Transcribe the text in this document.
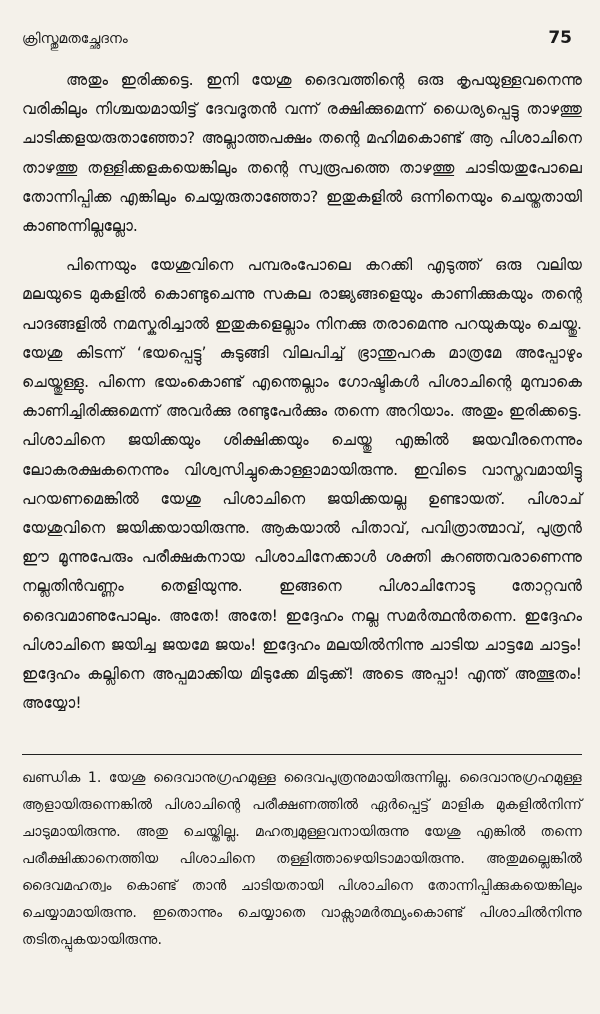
ക്രിസ്തുമതച്ഛേദനം	75

അതും ഇരിക്കട്ടെ. ഇനി യേശു ദൈവത്തിന്റെ ഒരു കൃപയുള്ളവനെന്നു വരികിലും നിശ്ചയമായിട്ട് ദേവദൂതൻ വന്ന് രക്ഷിക്കുമെന്ന് ധൈര്യപ്പെട്ടു താഴത്തു ചാടിക്കളയരുതാഞ്ഞോ? അല്ലാത്തപക്ഷം തന്റെ മഹിമകൊണ്ട് ആ പിശാചിനെ താഴത്തു തള്ളിക്കളകയെങ്കിലും തന്റെ സ്വരൂപത്തെ താഴത്തു ചാടിയതുപോലെ തോന്നിപ്പിക്ക എങ്കിലും ചെയ്യരുതാഞ്ഞോ? ഇതുകളിൽ ഒന്നിനെയും ചെയ്തതായി കാണുന്നില്ലല്ലോ.

പിന്നെയും യേശുവിനെ പമ്പരംപോലെ കറക്കി എടുത്ത് ഒരു വലിയ മലയുടെ മുകളിൽ കൊണ്ടുചെന്നു സകല രാജ്യങ്ങളെയും കാണിക്കുകയും തന്റെ പാദങ്ങളിൽ നമസ്കരിച്ചാൽ ഇതുകളെല്ലാം നിനക്കു തരാമെന്നു പറയുകയും ചെയ്തു. യേശു കിടന്ന് ‘ഭയപ്പെട്ടു’ കുടുങ്ങി വിലപിച്ച് ഭ്രാന്തുപറക മാത്രമേ അപ്പോഴും ചെയ്തുള്ളു. പിന്നെ ഭയംകൊണ്ട് എന്തെല്ലാം ഗോഷ്ടികൾ പിശാചിന്റെ മുമ്പാകെ കാണിച്ചിരിക്കുമെന്ന് അവർക്കു രണ്ടുപേർക്കും തന്നെ അറിയാം. അതും ഇരിക്കട്ടെ. പിശാചിനെ ജയിക്കയും ശിക്ഷിക്കയും ചെയ്തു എങ്കിൽ ജയവീരനെന്നും ലോകരക്ഷകനെന്നും വിശ്വസിച്ചുകൊള്ളാമായിരുന്നു. ഇവിടെ വാസ്തവമായിട്ടു പറയണമെങ്കിൽ യേശു പിശാചിനെ ജയിക്കയല്ല ഉണ്ടായത്. പിശാച് യേശുവിനെ ജയിക്കയായിരുന്നു. ആകയാൽ പിതാവ്, പവിത്രാത്മാവ്, പുത്രൻ ഈ മൂന്നുപേരും പരീക്ഷകനായ പിശാചിനേക്കാൾ ശക്തി കുറഞ്ഞവരാണെന്നു നല്ലതിൻവണ്ണം തെളിയുന്നു. ഇങ്ങനെ പിശാചിനോടു തോറ്റവൻ ദൈവമാണുപോലും. അതേ! അതേ! ഇദ്ദേഹം നല്ല സമർത്ഥൻതന്നെ. ഇദ്ദേഹം പിശാചിനെ ജയിച്ച ജയമേ ജയം! ഇദ്ദേഹം മലയിൽനിന്നു ചാടിയ ചാട്ടമേ ചാട്ടം! ഇദ്ദേഹം കല്ലിനെ അപ്പമാക്കിയ മിടുക്കേ മിടുക്ക്! അടെ അപ്പാ! എന്ത് അത്ഭുതം! അയ്യോ!

ഖണ്ഡിക 1. യേശു ദൈവാനുഗ്രഹമുള്ള ദൈവപുത്രനുമായിരുന്നില്ല. ദൈവാനുഗ്രഹമുള്ള ആളായിരുന്നെങ്കിൽ പിശാചിന്റെ പരീക്ഷണത്തിൽ ഏർപ്പെട്ട് മാളിക മുകളിൽനിന്ന് ചാടുമായിരുന്നു. അതു ചെയ്തില്ല. മഹത്വമുള്ളവനായിരുന്നു യേശു എങ്കിൽ തന്നെ പരീക്ഷിക്കാനെത്തിയ പിശാചിനെ തള്ളിത്താഴെയിടാമായിരുന്നു. അതുമല്ലെങ്കിൽ ദൈവമഹത്വം കൊണ്ട് താൻ ചാടിയതായി പിശാചിനെ തോന്നിപ്പിക്കുകയെങ്കിലും ചെയ്യാമായിരുന്നു. ഇതൊന്നും ചെയ്യാതെ വാക്സാമർത്ഥ്യംകൊണ്ട് പിശാചിൽനിന്നു തടിതപ്പുകയായിരുന്നു.
